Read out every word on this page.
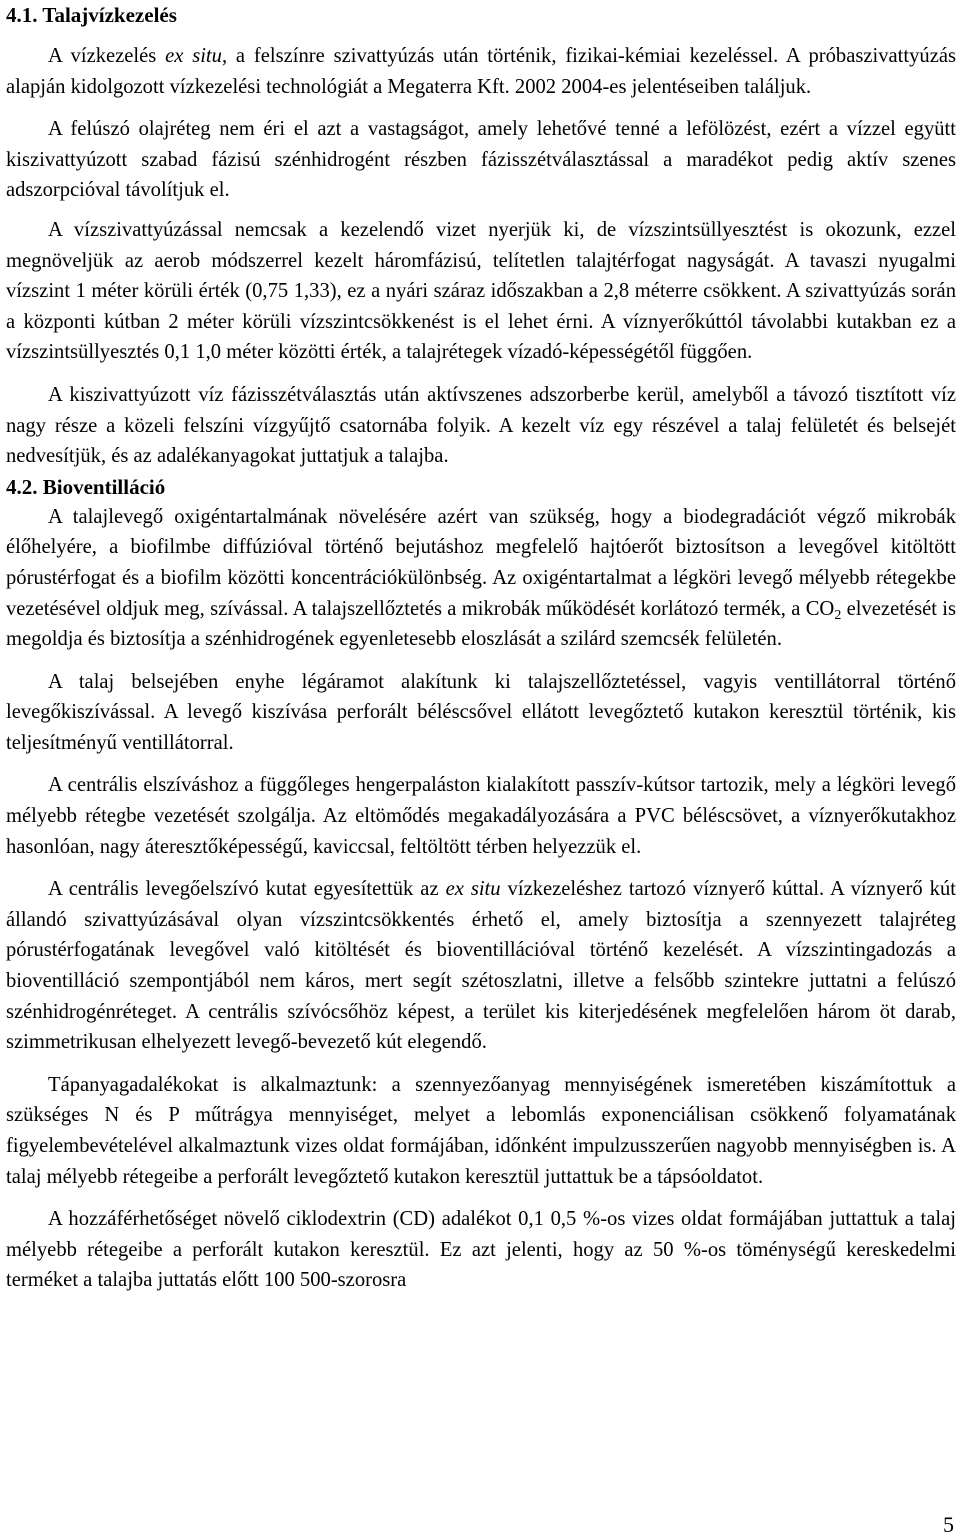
4.1. Talajvízkezelés

A vízkezelés ex situ, a felszínre szivattyúzás után történik, fizikai-kémiai kezeléssel. A próbaszivattyúzás alapján kidolgozott vízkezelési technológiát a Megaterra Kft. 2002 2004-es jelentéseiben találjuk.

A felúszó olajréteg nem éri el azt a vastagságot, amely lehetővé tenné a lefölözést, ezért a vízzel együtt kiszivattyúzott szabad fázisú szénhidrogént részben fázisszétválasztással a maradékot pedig aktív szenes adszorpcióval távolítjuk el.

A vízszivattyúzással nemcsak a kezelendő vizet nyerjük ki, de vízszintsüllyesztést is okozunk, ezzel megnöveljük az aerob módszerrel kezelt háromfázisú, telítetlen talajtérfogat nagyságát. A tavaszi nyugalmi vízszint 1 méter körüli érték (0,75 1,33), ez a nyári száraz időszakban a 2,8 méterre csökkent. A szivattyúzás során a központi kútban 2 méter körüli vízszintcsökkenést is el lehet érni. A víznyerőkúttól távolabbi kutakban ez a vízszintsüllyesztés 0,1 1,0 méter közötti érték, a talajrétegek vízadó-képességétől függően.

A kiszivattyúzott víz fázisszétválasztás után aktívszenes adszorberbe kerül, amelyből a távozó tisztított víz nagy része a közeli felszíni vízgyűjtő csatornába folyik. A kezelt víz egy részével a talaj felületét és belsejét nedvesítjük, és az adalékanyagokat juttatjuk a talajba.

4.2. Bioventilláció

A talajlevegő oxigéntartalmának növelésére azért van szükség, hogy a biodegradációt végző mikrobák élőhelyére, a biofilmbe diffúzióval történő bejutáshoz megfelelő hajtóerőt biztosítson a levegővel kitöltött pórustérfogat és a biofilm közötti koncentrációkülönbség. Az oxigéntartalmat a légköri levegő mélyebb rétegekbe vezetésével oldjuk meg, szívással. A talajszellőztetés a mikrobák működését korlátozó termék, a $CO_2$ elvezetését is megoldja és biztosítja a szénhidrogének egyenletesebb eloszlását a szilárd szemcsék felületén.

A talaj belsejében enyhe légáramot alakítunk ki talajszellőztetéssel, vagyis ventillátorral történő levegőkiszívással. A levegő kiszívása perforált béléscsővel ellátott levegőztető kutakon keresztül történik, kis teljesítményű ventillátorral.

A centrális elszíváshoz a függőleges hengerpaláston kialakított passzív-kútsor tartozik, mely a légköri levegő mélyebb rétegbe vezetését szolgálja. Az eltömődés megakadályozására a PVC béléscsövet, a víznyerőkutakhoz hasonlóan, nagy áteresztőképességű, kaviccsal, feltöltött térben helyezzük el.

A centrális levegőelszívó kutat egyesítettük az ex situ vízkezeléshez tartozó víznyerő kúttal. A víznyerő kút állandó szivattyúzásával olyan vízszintcsökkentés érhető el, amely biztosítja a szennyezett talajréteg pórustérfogatának levegővel való kitöltését és bioventillációval történő kezelését. A vízszintingadozás a bioventilláció szempontjából nem káros, mert segít szétoszlatni, illetve a felsőbb szintekre juttatni a felúszó szénhidrogénréteget. A centrális szívócsőhöz képest, a terület kis kiterjedésének megfelelően három öt darab, szimmetrikusan elhelyezett levegő-bevezető kút elegendő.

Tápanyagadalékokat is alkalmaztunk: a szennyezőanyag mennyiségének ismeretében kiszámítottuk a szükséges N és P műtrágya mennyiséget, melyet a lebomlás exponenciálisan csökkenő folyamatának figyelembevételével alkalmaztunk vizes oldat formájában, időnként impulzusszerűen nagyobb mennyiségben is. A talaj mélyebb rétegeibe a perforált levegőztető kutakon keresztül juttattuk be a tápsóoldatot.

A hozzáférhetőséget növelő ciklodextrin (CD) adalékot 0,1 0,5 %-os vizes oldat formájában juttattuk a talaj mélyebb rétegeibe a perforált kutakon keresztül. Ez azt jelenti, hogy az 50 %-os töménységű kereskedelmi terméket a talajba juttatás előtt 100 500-szorosra

5
